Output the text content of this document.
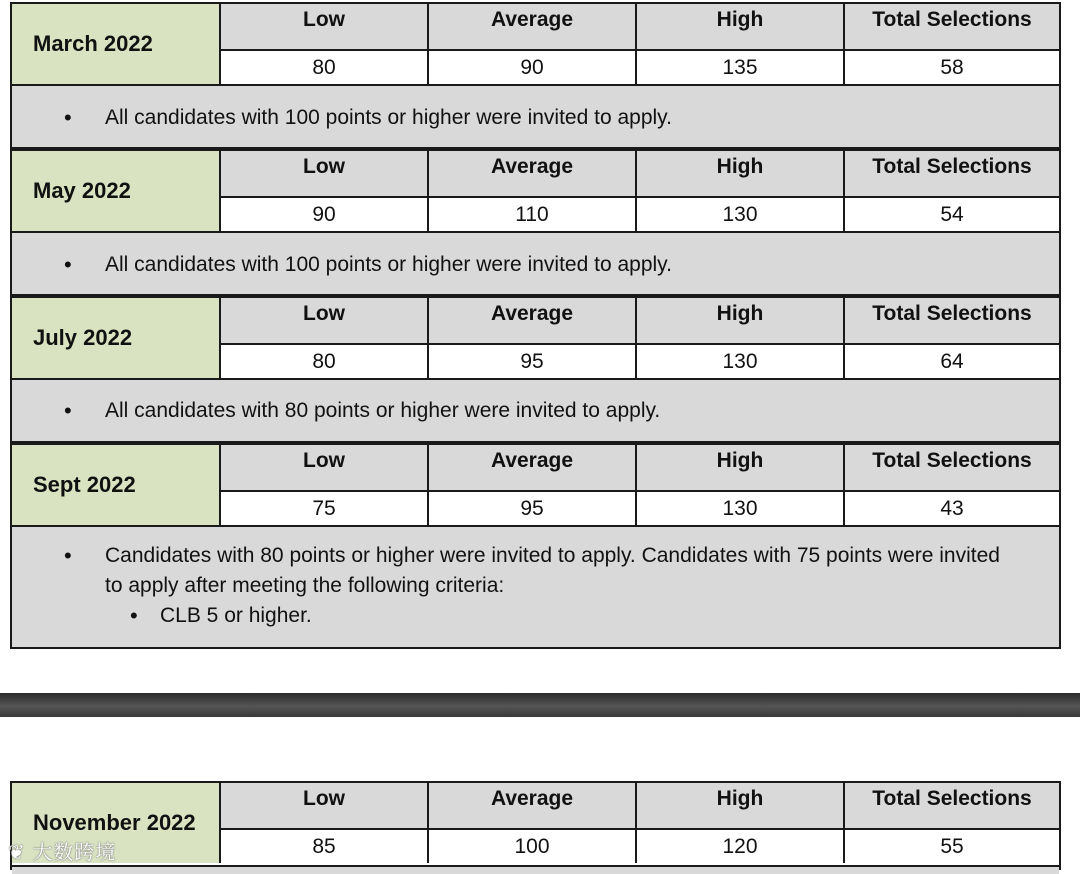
March 2022
Low	Average	High	Total Selections
80	90	135	58
• All candidates with 100 points or higher were invited to apply.
May 2022
Low	Average	High	Total Selections
90	110	130	54
• All candidates with 100 points or higher were invited to apply.
July 2022
Low	Average	High	Total Selections
80	95	130	64
• All candidates with 80 points or higher were invited to apply.
Sept 2022
Low	Average	High	Total Selections
75	95	130	43
• Candidates with 80 points or higher were invited to apply. Candidates with 75 points were invited to apply after meeting the following criteria:
• CLB 5 or higher.
November 2022
Low	Average	High	Total Selections
85	100	120	55
❦ 大数跨境
